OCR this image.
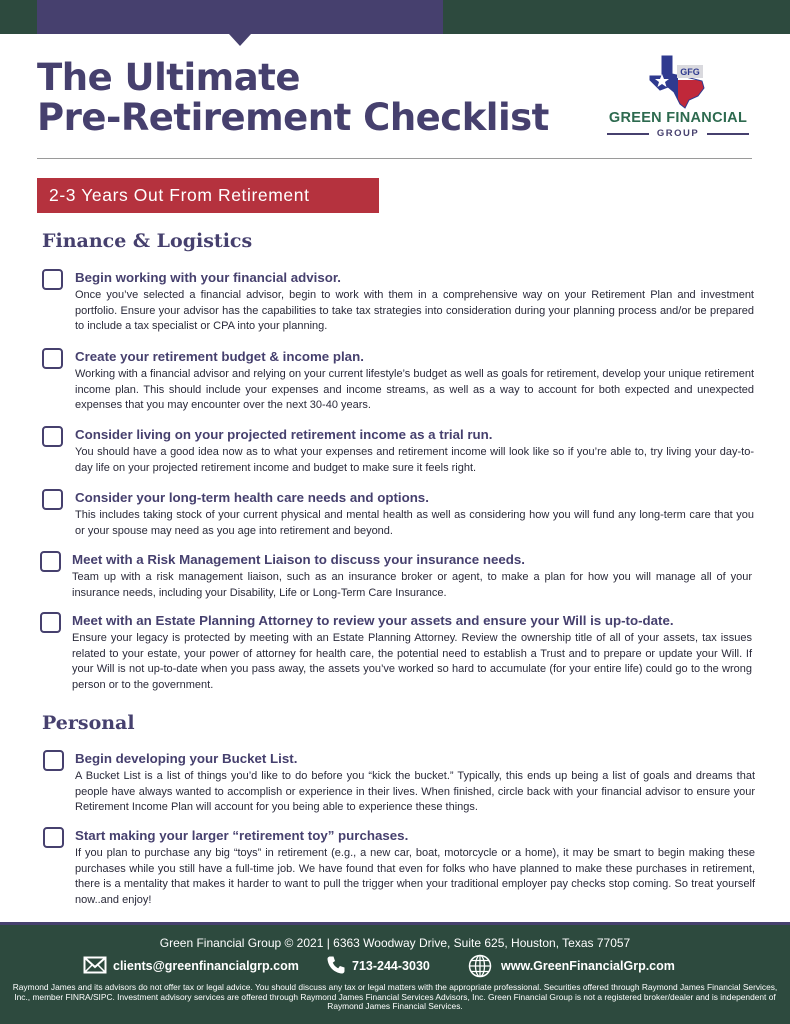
The Ultimate
Pre-Retirement Checklist
GFG
GREEN FINANCIAL
GROUP
2-3 Years Out From Retirement
Finance & Logistics
Begin working with your financial advisor.
Once you’ve selected a financial advisor, begin to work with them in a comprehensive way on your Retirement Plan and investment portfolio. Ensure your advisor has the capabilities to take tax strategies into consideration during your planning process and/or be prepared to include a tax specialist or CPA into your planning.
Create your retirement budget & income plan.
Working with a financial advisor and relying on your current lifestyle’s budget as well as goals for retirement, develop your unique retirement income plan. This should include your expenses and income streams, as well as a way to account for both expected and unexpected expenses that you may encounter over the next 30-40 years.
Consider living on your projected retirement income as a trial run.
You should have a good idea now as to what your expenses and retirement income will look like so if you’re able to, try living your day-to-day life on your projected retirement income and budget to make sure it feels right.
Consider your long-term health care needs and options.
This includes taking stock of your current physical and mental health as well as considering how you will fund any long-term care that you or your spouse may need as you age into retirement and beyond.
Meet with a Risk Management Liaison to discuss your insurance needs.
Team up with a risk management liaison, such as an insurance broker or agent, to make a plan for how you will manage all of your insurance needs, including your Disability, Life or Long-Term Care Insurance.
Meet with an Estate Planning Attorney to review your assets and ensure your Will is up-to-date.
Ensure your legacy is protected by meeting with an Estate Planning Attorney. Review the ownership title of all of your assets, tax issues related to your estate, your power of attorney for health care, the potential need to establish a Trust and to prepare or update your Will. If your Will is not up-to-date when you pass away, the assets you’ve worked so hard to accumulate (for your entire life) could go to the wrong person or to the government.
Personal
Begin developing your Bucket List.
A Bucket List is a list of things you’d like to do before you “kick the bucket.” Typically, this ends up being a list of goals and dreams that people have always wanted to accomplish or experience in their lives. When finished, circle back with your financial advisor to ensure your Retirement Income Plan will account for you being able to experience these things.
Start making your larger “retirement toy” purchases.
If you plan to purchase any big “toys” in retirement (e.g., a new car, boat, motorcycle or a home), it may be smart to begin making these purchases while you still have a full-time job. We have found that even for folks who have planned to make these purchases in retirement, there is a mentality that makes it harder to want to pull the trigger when your traditional employer pay checks stop coming. So treat yourself now..and enjoy!
Green Financial Group © 2021 | 6363 Woodway Drive, Suite 625, Houston, Texas 77057
clients@greenfinancialgrp.com	713-244-3030	www.GreenFinancialGrp.com
Raymond James and its advisors do not offer tax or legal advice. You should discuss any tax or legal matters with the appropriate professional. Securities offered through Raymond James Financial Services, Inc., member FINRA/SIPC. Investment advisory services are offered through Raymond James Financial Services Advisors, Inc. Green Financial Group is not a registered broker/dealer and is independent of Raymond James Financial Services.
